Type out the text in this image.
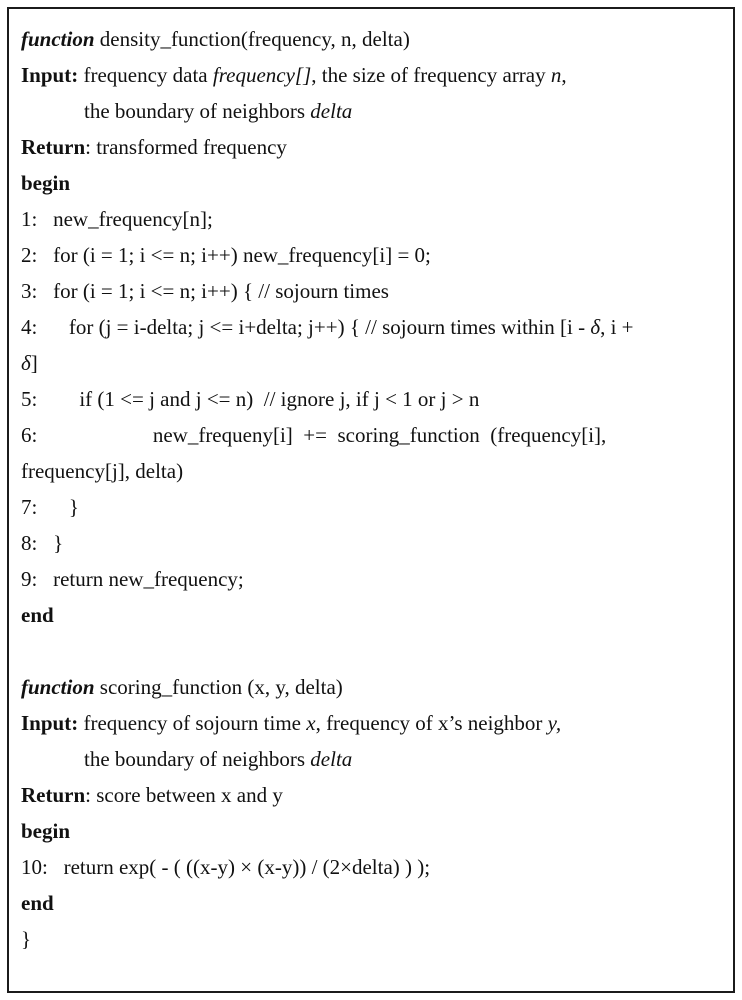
function density_function(frequency, n, delta)
Input: frequency data frequency[], the size of frequency array n,
the boundary of neighbors delta
Return: transformed frequency
begin
1:   new_frequency[n];
2:   for (i = 1; i <= n; i++) new_frequency[i] = 0;
3:   for (i = 1; i <= n; i++) { // sojourn times
4:      for (j = i-delta; j <= i+delta; j++) { // sojourn times within [i - δ, i +
δ]
5:        if (1 <= j and j <= n)  // ignore j, if j < 1 or j > n
6:                      new_frequeny[i]  +=  scoring_function  (frequency[i],
frequency[j], delta)
7:      }
8:   }
9:   return new_frequency;
end

function scoring_function (x, y, delta)
Input: frequency of sojourn time x, frequency of x’s neighbor y,
the boundary of neighbors delta
Return: score between x and y
begin
10:   return exp( - ( ((x-y) × (x-y)) / (2×delta) ) );
end
}
